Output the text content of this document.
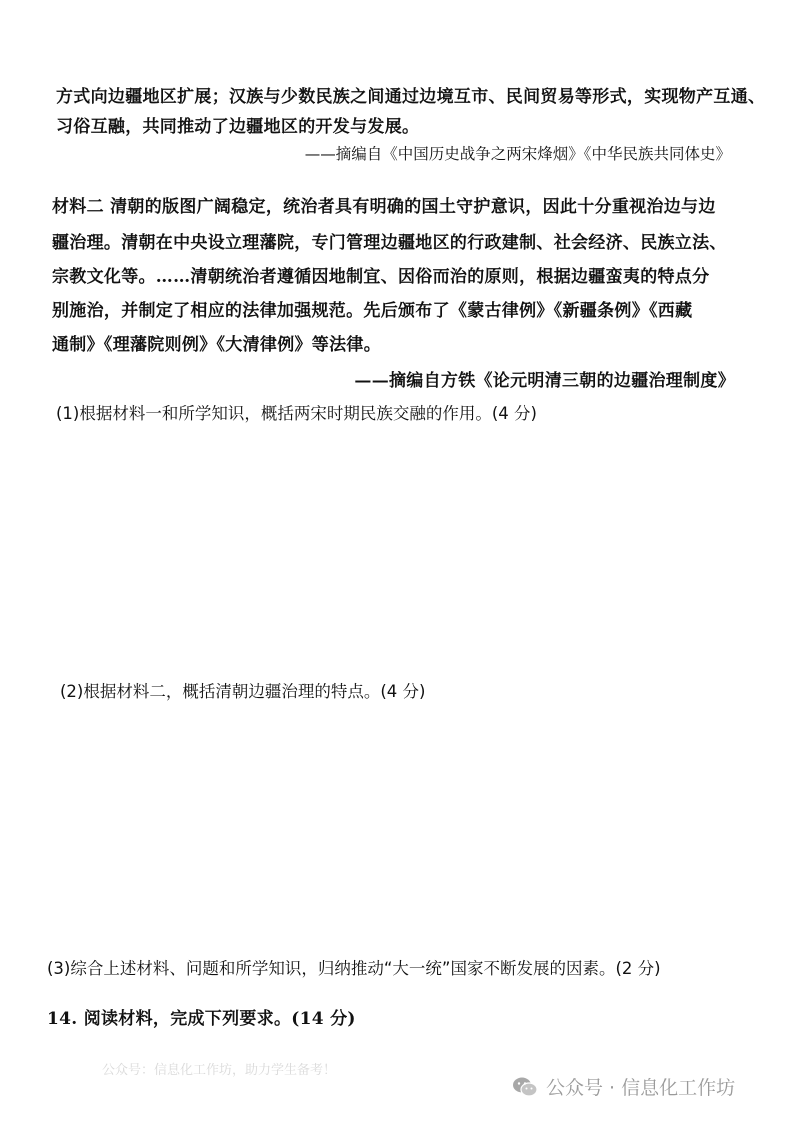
方式向边疆地区扩展；汉族与少数民族之间通过边境互市、民间贸易等形式，实现物产互通、
习俗互融，共同推动了边疆地区的开发与发展。
——摘编自《中国历史战争之两宋烽烟》《中华民族共同体史》
材料二 清朝的版图广阔稳定，统治者具有明确的国土守护意识，因此十分重视治边与边
疆治理。清朝在中央设立理藩院，专门管理边疆地区的行政建制、社会经济、民族立法、
宗教文化等。……清朝统治者遵循因地制宜、因俗而治的原则，根据边疆蛮夷的特点分
别施治，并制定了相应的法律加强规范。先后颁布了《蒙古律例》《新疆条例》《西藏
通制》《理藩院则例》《大清律例》等法律。
——摘编自方铁《论元明清三朝的边疆治理制度》
(1)根据材料一和所学知识，概括两宋时期民族交融的作用。(4 分)
(2)根据材料二，概括清朝边疆治理的特点。(4 分)
(3)综合上述材料、问题和所学知识，归纳推动“大一统”国家不断发展的因素。(2 分)
14. 阅读材料，完成下列要求。(14 分)
公众号：信息化工作坊，助力学生备考！
公众号 · 信息化工作坊
